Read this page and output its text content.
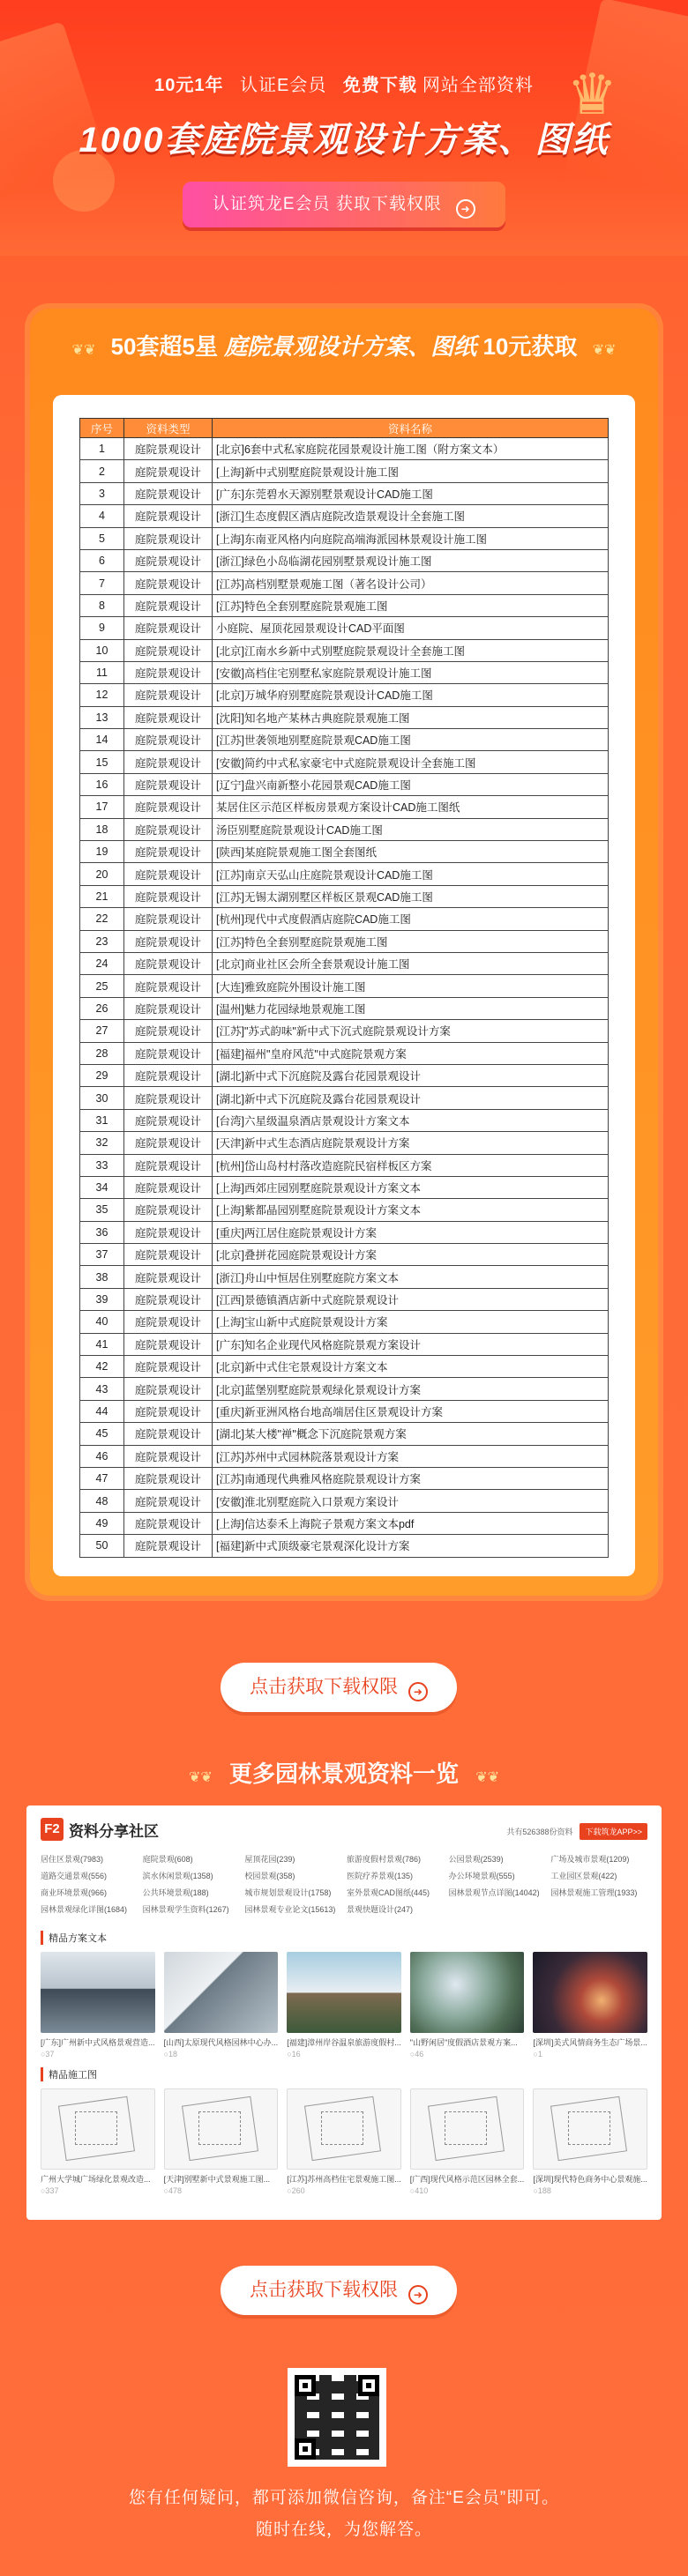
♛
10元1年 认证E会员 免费下载 网站全部资料
1000套庭院景观设计方案、图纸
认证筑龙E会员 获取下载权限 ➜
❦❦ 50套超5星 庭院景观设计方案、图纸 10元获取 ❦❦
序号	资料类型	资料名称
1	庭院景观设计	[北京]6套中式私家庭院花园景观设计施工图（附方案文本）
2	庭院景观设计	[上海]新中式别墅庭院景观设计施工图
3	庭院景观设计	[广东]东莞碧水天源别墅景观设计CAD施工图
4	庭院景观设计	[浙江]生态度假区酒店庭院改造景观设计全套施工图
5	庭院景观设计	[上海]东南亚风格内向庭院高端海派园林景观设计施工图
6	庭院景观设计	[浙江]绿色小岛临湖花园别墅景观设计施工图
7	庭院景观设计	[江苏]高档别墅景观施工图（著名设计公司）
8	庭院景观设计	[江苏]特色全套别墅庭院景观施工图
9	庭院景观设计	小庭院、屋顶花园景观设计CAD平面图
10	庭院景观设计	[北京]江南水乡新中式别墅庭院景观设计全套施工图
11	庭院景观设计	[安徽]高档住宅别墅私家庭院景观设计施工图
12	庭院景观设计	[北京]万城华府别墅庭院景观设计CAD施工图
13	庭院景观设计	[沈阳]知名地产某林古典庭院景观施工图
14	庭院景观设计	[江苏]世袭领地别墅庭院景观CAD施工图
15	庭院景观设计	[安徽]简约中式私家豪宅中式庭院景观设计全套施工图
16	庭院景观设计	[辽宁]盘兴南新整小花园景观CAD施工图
17	庭院景观设计	某居住区示范区样板房景观方案设计CAD施工图纸
18	庭院景观设计	汤臣别墅庭院景观设计CAD施工图
19	庭院景观设计	[陕西]某庭院景观施工图全套图纸
20	庭院景观设计	[江苏]南京天弘山庄庭院景观设计CAD施工图
21	庭院景观设计	[江苏]无锡太湖别墅区样板区景观CAD施工图
22	庭院景观设计	[杭州]现代中式度假酒店庭院CAD施工图
23	庭院景观设计	[江苏]特色全套别墅庭院景观施工图
24	庭院景观设计	[北京]商业社区会所全套景观设计施工图
25	庭院景观设计	[大连]雅致庭院外围设计施工图
26	庭院景观设计	[温州]魅力花园绿地景观施工图
27	庭院景观设计	[江苏]"苏式韵味"新中式下沉式庭院景观设计方案
28	庭院景观设计	[福建]福州"皇府风范"中式庭院景观方案
29	庭院景观设计	[湖北]新中式下沉庭院及露台花园景观设计
30	庭院景观设计	[湖北]新中式下沉庭院及露台花园景观设计
31	庭院景观设计	[台湾]六星级温泉酒店景观设计方案文本
32	庭院景观设计	[天津]新中式生态酒店庭院景观设计方案
33	庭院景观设计	[杭州]岱山岛村村落改造庭院民宿样板区方案
34	庭院景观设计	[上海]西郊庄园别墅庭院景观设计方案文本
35	庭院景观设计	[上海]紫都晶园别墅庭院景观设计方案文本
36	庭院景观设计	[重庆]两江居住庭院景观设计方案
37	庭院景观设计	[北京]叠拼花园庭院景观设计方案
38	庭院景观设计	[浙江]舟山中恒居住别墅庭院方案文本
39	庭院景观设计	[江西]景德镇酒店新中式庭院景观设计
40	庭院景观设计	[上海]宝山新中式庭院景观设计方案
41	庭院景观设计	[广东]知名企业现代风格庭院景观方案设计
42	庭院景观设计	[北京]新中式住宅景观设计方案文本
43	庭院景观设计	[北京]蓝堡别墅庭院景观绿化景观设计方案
44	庭院景观设计	[重庆]新亚洲风格台地高端居住区景观设计方案
45	庭院景观设计	[湖北]某大楼"禅"概念下沉庭院景观方案
46	庭院景观设计	[江苏]苏州中式园林院落景观设计方案
47	庭院景观设计	[江苏]南通现代典雅风格庭院景观设计方案
48	庭院景观设计	[安徽]淮北别墅庭院入口景观方案设计
49	庭院景观设计	[上海]信达泰禾上海院子景观方案文本pdf
50	庭院景观设计	[福建]新中式顶级豪宅景观深化设计方案
点击获取下载权限 ➜
❦❦ 更多园林景观资料一览 ❦❦
F2 资料分享社区	共有526388份资料	下载筑龙APP>>
居住区景观(7983)	庭院景观(608)	屋顶花园(239)	旅游度假村景观(786)	公园景观(2539)	广场及城市景观(1209)
道路交通景观(556)	滨水休闲景观(1358)	校园景观(358)	医院疗养景观(135)	办公环境景观(555)	工业园区景观(422)
商业环境景观(966)	公共环境景观(188)	城市规划景观设计(1758)	室外景观CAD图纸(445)	园林景观节点详图(14042)	园林景观施工管理(1933)
园林景观绿化详图(1684)	园林景观学生资料(1267)	园林景观专业论文(15613)	景观快题设计(247)
精品方案文本
[广东]广州新中式风格景观营造...
○37
[山西]太原现代风格园林中心办...
○18
[福建]漳州岸谷温泉旅游度假村...
○16
"山野闲居"度假酒店景观方案...
○46
[深圳]美式风情商务生态广场景...
○1
精品施工图
广州大学城广场绿化景观改造...
○337
[天津]别墅新中式景观施工图...
○478
[江苏]苏州高档住宅景观施工图...
○260
[广西]现代风格示范区园林全套...
○410
[深圳]现代特色商务中心景观施...
○188
点击获取下载权限 ➜
您有任何疑问，都可添加微信咨询，备注“E会员”即可。
随时在线，为您解答。
